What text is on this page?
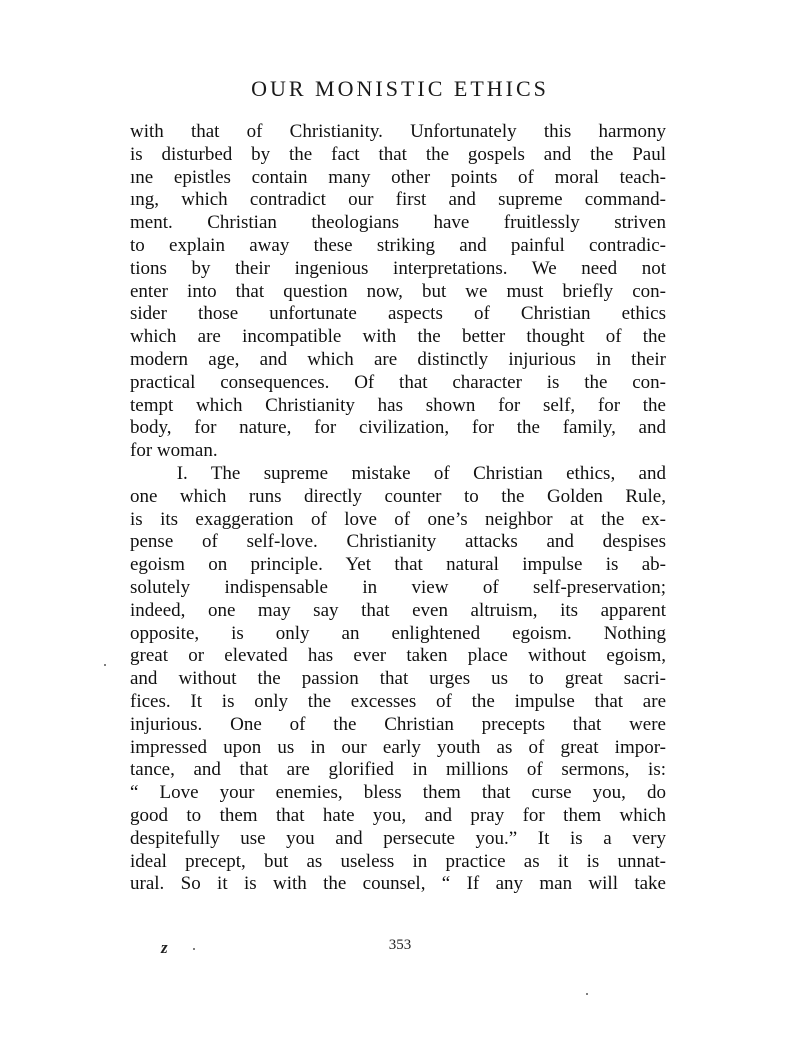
OUR MONISTIC ETHICS
with that of Christianity. Unfortunately this harmony
is disturbed by the fact that the gospels and the Paul
ıne epistles contain many other points of moral teach-
ıng, which contradict our first and supreme command-
ment. Christian theologians have fruitlessly striven
to explain away these striking and painful contradic-
tions by their ingenious interpretations. We need not
enter into that question now, but we must briefly con-
sider those unfortunate aspects of Christian ethics
which are incompatible with the better thought of the
modern age, and which are distinctly injurious in their
practical consequences. Of that character is the con-
tempt which Christianity has shown for self, for the
body, for nature, for civilization, for the family, and
for woman.
I. The supreme mistake of Christian ethics, and
one which runs directly counter to the Golden Rule,
is its exaggeration of love of one’s neighbor at the ex-
pense of self-love. Christianity attacks and despises
egoism on principle. Yet that natural impulse is ab-
solutely indispensable in view of self-preservation;
indeed, one may say that even altruism, its apparent
opposite, is only an enlightened egoism. Nothing
great or elevated has ever taken place without egoism,
and without the passion that urges us to great sacri-
fices. It is only the excesses of the impulse that are
injurious. One of the Christian precepts that were
impressed upon us in our early youth as of great impor-
tance, and that are glorified in millions of sermons, is:
“ Love your enemies, bless them that curse you, do
good to them that hate you, and pray for them which
despitefully use you and persecute you.” It is a very
ideal precept, but as useless in practice as it is unnat-
ural. So it is with the counsel, “ If any man will take
z	353
